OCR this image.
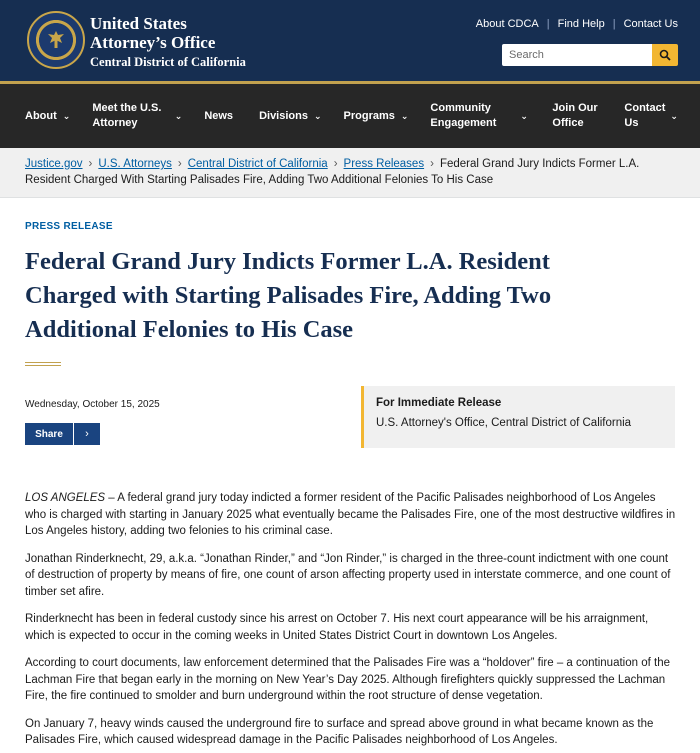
United States
Attorney’s Office
Central District of California
About CDCA | Find Help | Contact Us
Search
About ⌄
Meet the U.S. Attorney
⌄ News Divisions ⌄ Programs ⌄
Community Engagement
⌄
Join Our Office
Contact Us
⌄
Justice.gov › U.S. Attorneys › Central District of California › Press Releases › Federal Grand Jury Indicts Former L.A. Resident Charged With Starting Palisades Fire, Adding Two Additional Felonies To His Case
PRESS RELEASE
Federal Grand Jury Indicts Former L.A. Resident Charged with Starting Palisades Fire, Adding Two Additional Felonies to His Case
Wednesday, October 15, 2025
Share	›
For Immediate Release
U.S. Attorney's Office, Central District of California

LOS ANGELES – A federal grand jury today indicted a former resident of the Pacific Palisades neighborhood of Los Angeles who is charged with starting in January 2025 what eventually became the Palisades Fire, one of the most destructive wildfires in Los Angeles history, adding two felonies to his criminal case.

Jonathan Rinderknecht, 29, a.k.a. “Jonathan Rinder,” and “Jon Rinder,” is charged in the three-count indictment with one count of destruction of property by means of fire, one count of arson affecting property used in interstate commerce, and one count of timber set afire.

Rinderknecht has been in federal custody since his arrest on October 7. His next court appearance will be his arraignment, which is expected to occur in the coming weeks in United States District Court in downtown Los Angeles.

According to court documents, law enforcement determined that the Palisades Fire was a “holdover” fire – a continuation of the Lachman Fire that began early in the morning on New Year’s Day 2025. Although firefighters quickly suppressed the Lachman Fire, the fire continued to smolder and burn underground within the root structure of dense vegetation.

On January 7, heavy winds caused the underground fire to surface and spread above ground in what became known as the Palisades Fire, which caused widespread damage in the Pacific Palisades neighborhood of Los Angeles.
